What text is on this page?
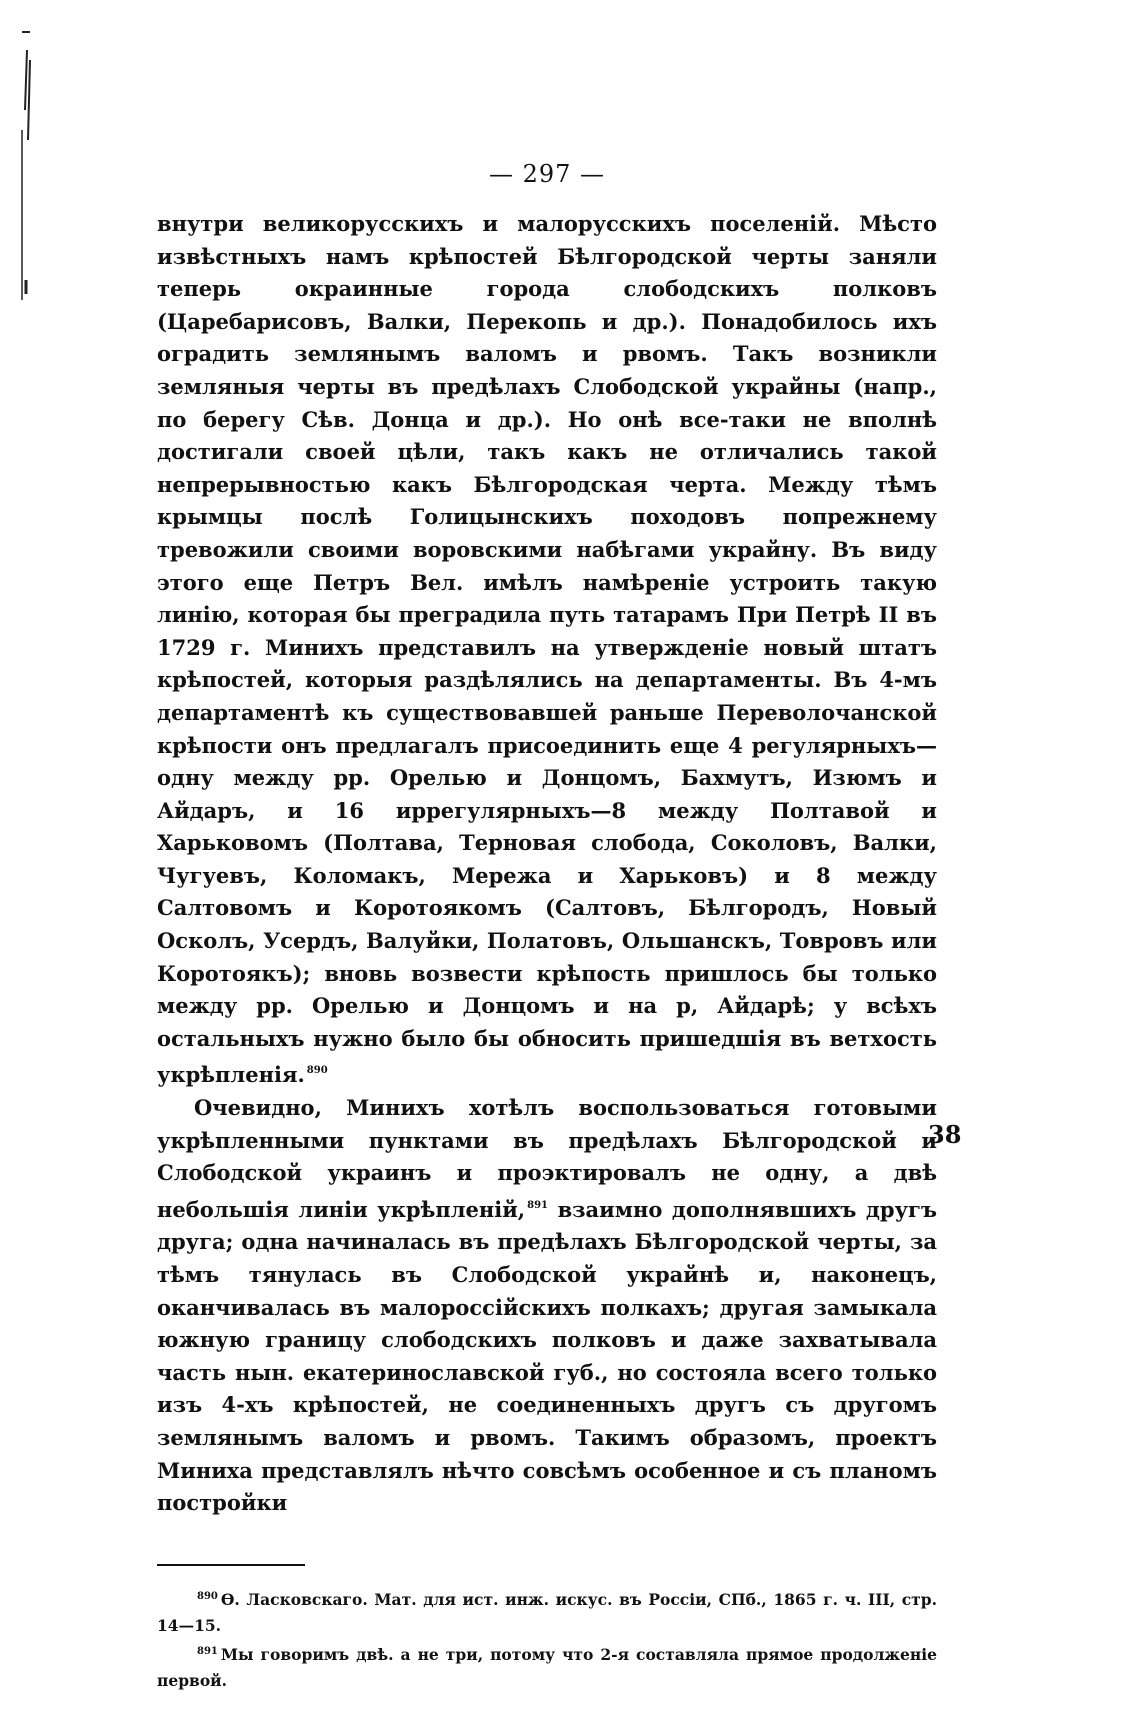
— 297 —

внутри великорусскихъ и малорусскихъ поселеній. Мѣсто извѣстныхъ намъ крѣпостей Бѣлгородской черты заняли теперь окраинные города слободскихъ полковъ (Царебарисовъ, Валки, Перекопь и др.). Понадобилось ихъ оградить землянымъ валомъ и рвомъ. Такъ возникли земляныя черты въ предѣлахъ Слободской украйны (напр., по берегу Сѣв. Донца и др.). Но онѣ все-таки не вполнѣ достигали своей цѣли, такъ какъ не отличались такой непрерывностью какъ Бѣлгородская черта. Между тѣмъ крымцы послѣ Голицынскихъ походовъ попрежнему тревожили своими воровскими набѣгами украйну. Въ виду этого еще Петръ Вел. имѣлъ намѣреніе устроить такую линію, которая бы преградила путь татарамъ При Петрѣ II въ 1729 г. Минихъ представилъ на утвержденіе новый штатъ крѣпостей, которыя раздѣлялись на департаменты. Въ 4-мъ департаментѣ къ существовавшей раньше Переволочанской крѣпости онъ предлагалъ присоединить еще 4 регулярныхъ—одну между рр. Орелью и Донцомъ, Бахмутъ, Изюмъ и Айдаръ, и 16 иррегулярныхъ—8 между Полтавой и Харьковомъ (Полтава, Терновая слобода, Соколовъ, Валки, Чугуевъ, Коломакъ, Мережа и Харьковъ) и 8 между Салтовомъ и Коротоякомъ (Салтовъ, Бѣлгородъ, Новый Осколъ, Усердъ, Валуйки, Полатовъ, Ольшанскъ, Товровъ или Коротоякъ); вновь возвести крѣпость пришлось бы только между рр. Орелью и Донцомъ и на р, Айдарѣ; у всѣхъ остальныхъ нужно было бы обносить пришедшія въ ветхость укрѣпленія. $^{890}$

Очевидно, Минихъ хотѣлъ воспользоваться готовыми укрѣпленными пунктами въ предѣлахъ Бѣлгородской и Слободской украинъ и проэктировалъ не одну, а двѣ небольшія линіи укрѣпленій, $^{891}$ взаимно дополнявшихъ другъ друга; одна начиналась въ предѣлахъ Бѣлгородской черты, за тѣмъ тянулась въ Слободской украйнѣ и, наконецъ, оканчивалась въ малороссійскихъ полкахъ; другая замыкала южную границу слободскихъ полковъ и даже захватывала часть нын. екатеринославской губ., но состояла всего только изъ 4-хъ крѣпостей, не соединенныхъ другъ съ другомъ землянымъ валомъ и рвомъ. Такимъ образомъ, проектъ Миниха представлялъ нѣчто совсѣмъ особенное и съ планомъ постройки

$^{890}$ Ѳ. Ласковскаго. Мат. для ист. инж. искус. въ Россіи, СПб., 1865 г. ч. III, стр. 14—15.

$^{891}$ Мы говоримъ двѣ. а не три, потому что 2-я составляла прямое продолженіе первой.

38
